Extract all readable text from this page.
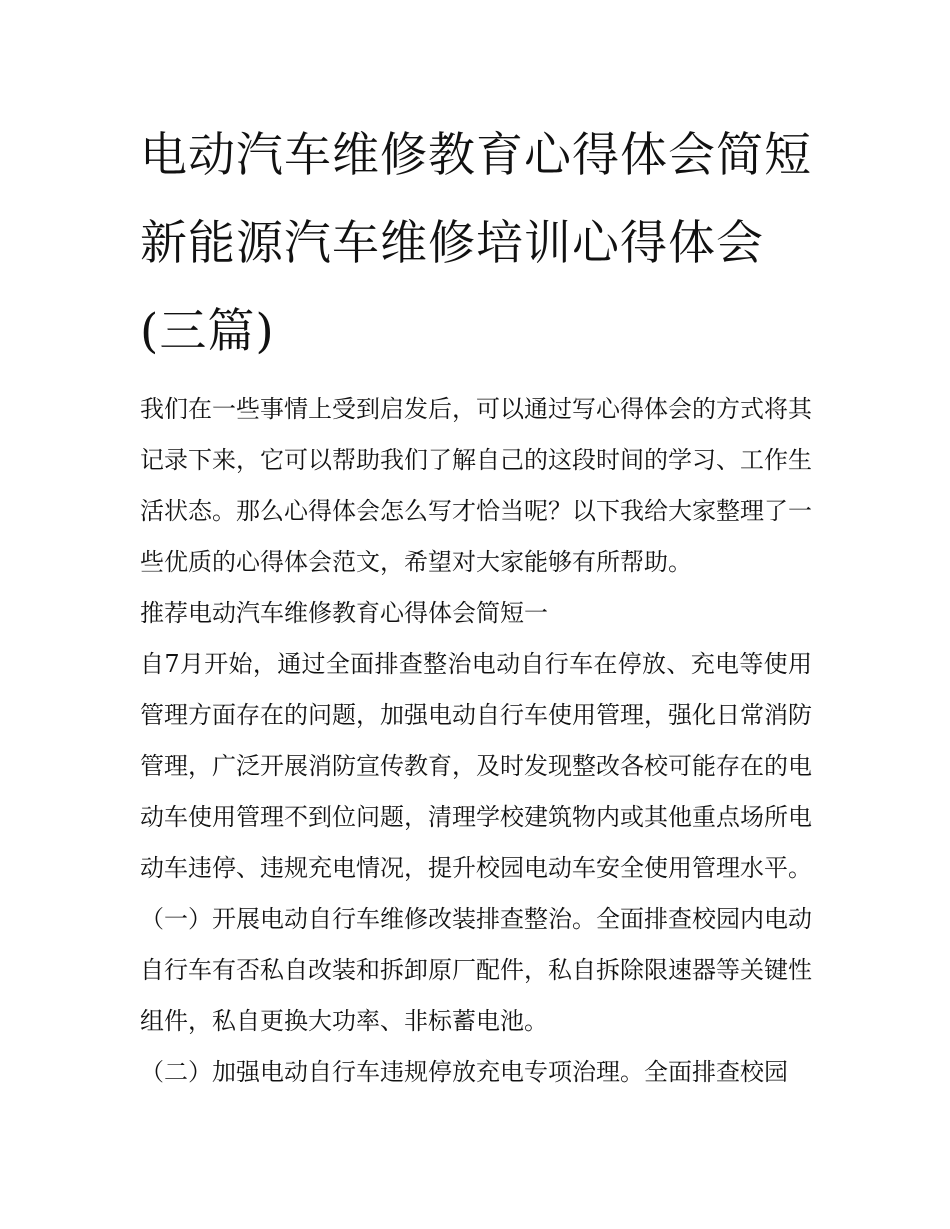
电动汽车维修教育心得体会简短 新能源汽车维修培训心得体会(三篇)

我们在一些事情上受到启发后，可以通过写心得体会的方式将其记录下来，它可以帮助我们了解自己的这段时间的学习、工作生活状态。那么心得体会怎么写才恰当呢？以下我给大家整理了一些优质的心得体会范文，希望对大家能够有所帮助。

推荐电动汽车维修教育心得体会简短一

自7月开始，通过全面排查整治电动自行车在停放、充电等使用管理方面存在的问题，加强电动自行车使用管理，强化日常消防管理，广泛开展消防宣传教育，及时发现整改各校可能存在的电动车使用管理不到位问题，清理学校建筑物内或其他重点场所电动车违停、违规充电情况，提升校园电动车安全使用管理水平。

（一）开展电动自行车维修改装排查整治。全面排查校园内电动自行车有否私自改装和拆卸原厂配件，私自拆除限速器等关键性组件，私自更换大功率、非标蓄电池。

（二）加强电动自行车违规停放充电专项治理。全面排查校园
